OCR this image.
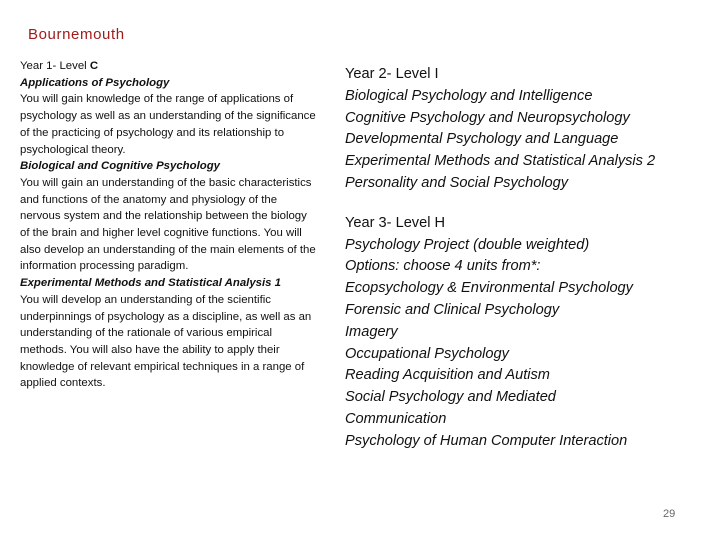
Bournemouth
Year 1- Level C
Applications of Psychology

You will gain knowledge of the range of applications of psychology as well as an understanding of the significance of the practicing of psychology and its relationship to psychological theory.

Biological and Cognitive Psychology

You will gain an understanding of the basic characteristics and functions of the anatomy and physiology of the nervous system and the relationship between the biology of the brain and higher level cognitive functions. You will also develop an understanding of the main elements of the information processing paradigm.

Experimental Methods and Statistical Analysis 1

You will develop an understanding of the scientific underpinnings of psychology as a discipline, as well as an understanding of the rationale of various empirical methods. You will also have the ability to apply their knowledge of relevant empirical techniques in a range of applied contexts.

Year 2- Level I
Biological Psychology and Intelligence
Cognitive Psychology and Neuropsychology
Developmental Psychology and Language
Experimental Methods and Statistical Analysis 2
Personality and Social Psychology
Year 3- Level H
Psychology Project (double weighted)
Options: choose 4 units from*:
Ecopsychology & Environmental Psychology
Forensic and Clinical Psychology
Imagery
Occupational Psychology
Reading Acquisition and Autism
Social Psychology and Mediated Communication
Psychology of Human Computer Interaction
29
